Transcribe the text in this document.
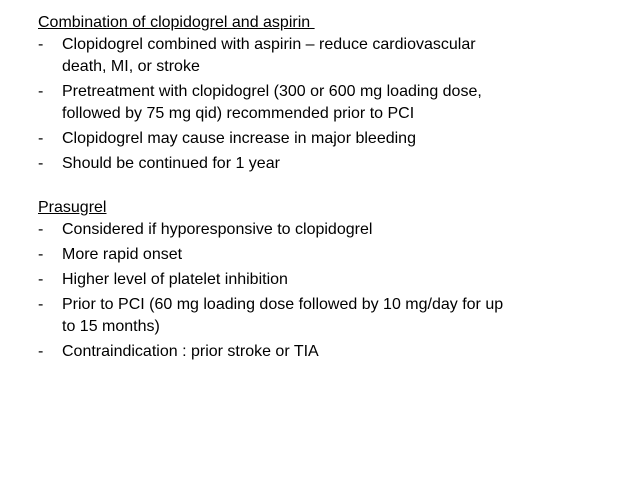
Combination of clopidogrel and aspirin

-	Clopidogrel combined with aspirin – reduce cardiovascular
death, MI, or stroke
-	Pretreatment with clopidogrel (300 or 600 mg loading dose,
followed by 75 mg qid) recommended prior to PCI
-	Clopidogrel may cause increase in major bleeding
-	Should be continued for 1 year

Prasugrel

-	Considered if hyporesponsive to clopidogrel
-	More rapid onset
-	Higher level of platelet inhibition
-	Prior to PCI (60 mg loading dose followed by 10 mg/day for up
to 15 months)
-	Contraindication : prior stroke or TIA
